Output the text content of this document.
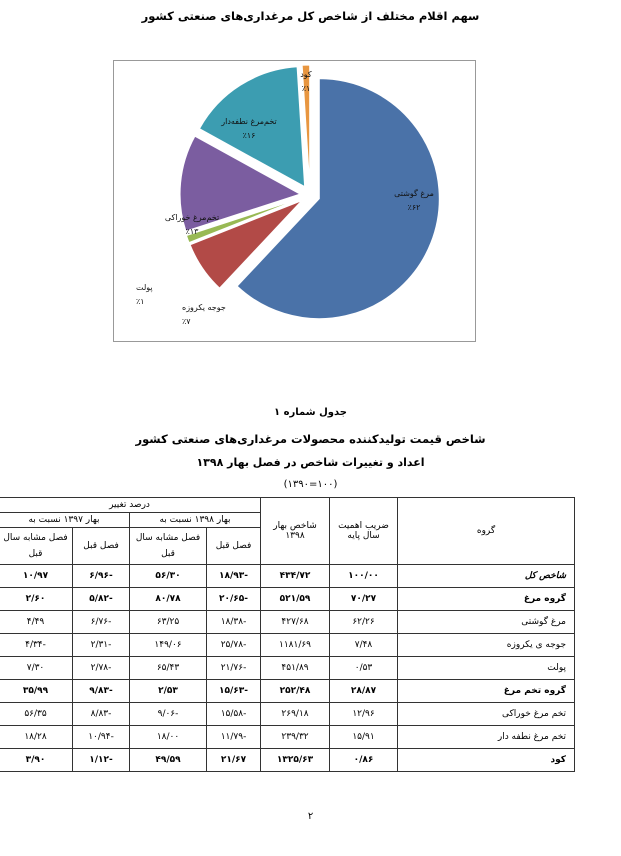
سهم اقلام مختلف از شاخص کل مرغداری‌های صنعتی کشور
مرغ گوشتی
٪۶۲
جوجه یکروزه
٪۷
پولت
٪۱
تخم‌مرغ خوراکی
٪۱۳
تخم‌مرغ نطفه‌دار
٪۱۶
کود
٪۱
جدول شماره ۱
شاخص قیمت تولیدکننده محصولات مرغداری‌های صنعتی کشور
اعداد و تغییرات شاخص در فصل بهار ۱۳۹۸
(۱۰۰=۱۳۹۰)
گروه	ضریب اهمیت سال پایه	شاخص بهار ۱۳۹۸	درصد تغییر			
			بهار ۱۳۹۸ نسبت به		بهار ۱۳۹۷ نسبت به	
			فصل قبل	فصل مشابه سال قبل	فصل قبل	فصل مشابه سال قبل
شاخص کل	۱۰۰/۰۰	۴۳۴/۷۲	-۱۸/۹۳	۵۶/۳۰	-۶/۹۶	۱۰/۹۷
گروه مرغ	۷۰/۲۷	۵۲۱/۵۹	-۲۰/۶۵	۸۰/۷۸	-۵/۸۲	۲/۶۰
مرغ گوشتی	۶۲/۲۶	۴۲۷/۶۸	-۱۸/۳۸	۶۳/۲۵	-۶/۷۶	۴/۴۹
جوجه ی یکروزه	۷/۴۸	۱۱۸۱/۶۹	-۲۵/۷۸	۱۴۹/۰۶	-۲/۳۱	-۴/۳۴
پولت	۰/۵۳	۴۵۱/۸۹	-۲۱/۷۶	۶۵/۴۳	-۲/۷۸	۷/۳۰
گروه تخم مرغ	۲۸/۸۷	۲۵۲/۴۸	-۱۵/۶۳	۲/۵۳	-۹/۸۳	۳۵/۹۹
تخم مرغ خوراکی	۱۲/۹۶	۲۶۹/۱۸	-۱۵/۵۸	-۹/۰۶	-۸/۸۳	۵۶/۳۵
تخم مرغ نطفه دار	۱۵/۹۱	۲۳۹/۳۲	-۱۱/۷۹	۱۸/۰۰	-۱۰/۹۴	۱۸/۲۸
کود	۰/۸۶	۱۳۲۵/۶۳	۲۱/۶۷	۴۹/۵۹	-۱/۱۲	۳/۹۰
۲
